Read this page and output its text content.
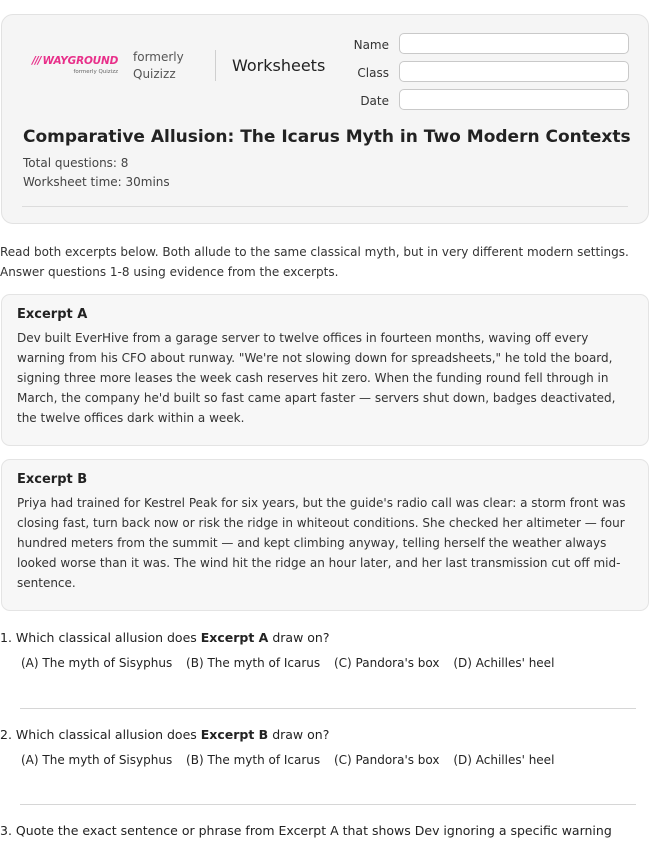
/// WAYGROUND
formerly Quizizz
formerly
Quizizz	Worksheets
Name
Class
Date
Comparative Allusion: The Icarus Myth in Two Modern Contexts
Total questions: 8
Worksheet time: 30mins
Read both excerpts below. Both allude to the same classical myth, but in very different modern settings. Answer questions 1-8 using evidence from the excerpts.
Excerpt A

Dev built EverHive from a garage server to twelve offices in fourteen months, waving off every warning from his CFO about runway. "We're not slowing down for spreadsheets," he told the board, signing three more leases the week cash reserves hit zero. When the funding round fell through in March, the company he'd built so fast came apart faster — servers shut down, badges deactivated, the twelve offices dark within a week.

Excerpt B

Priya had trained for Kestrel Peak for six years, but the guide's radio call was clear: a storm front was closing fast, turn back now or risk the ridge in whiteout conditions. She checked her altimeter — four hundred meters from the summit — and kept climbing anyway, telling herself the weather always looked worse than it was. The wind hit the ridge an hour later, and her last transmission cut off mid-sentence.

1. Which classical allusion does Excerpt A draw on?
(A) The myth of Sisyphus (B) The myth of Icarus (C) Pandora's box (D) Achilles' heel
2. Which classical allusion does Excerpt B draw on?
(A) The myth of Sisyphus (B) The myth of Icarus (C) Pandora's box (D) Achilles' heel
3. Quote the exact sentence or phrase from Excerpt A that shows Dev ignoring a specific warning
